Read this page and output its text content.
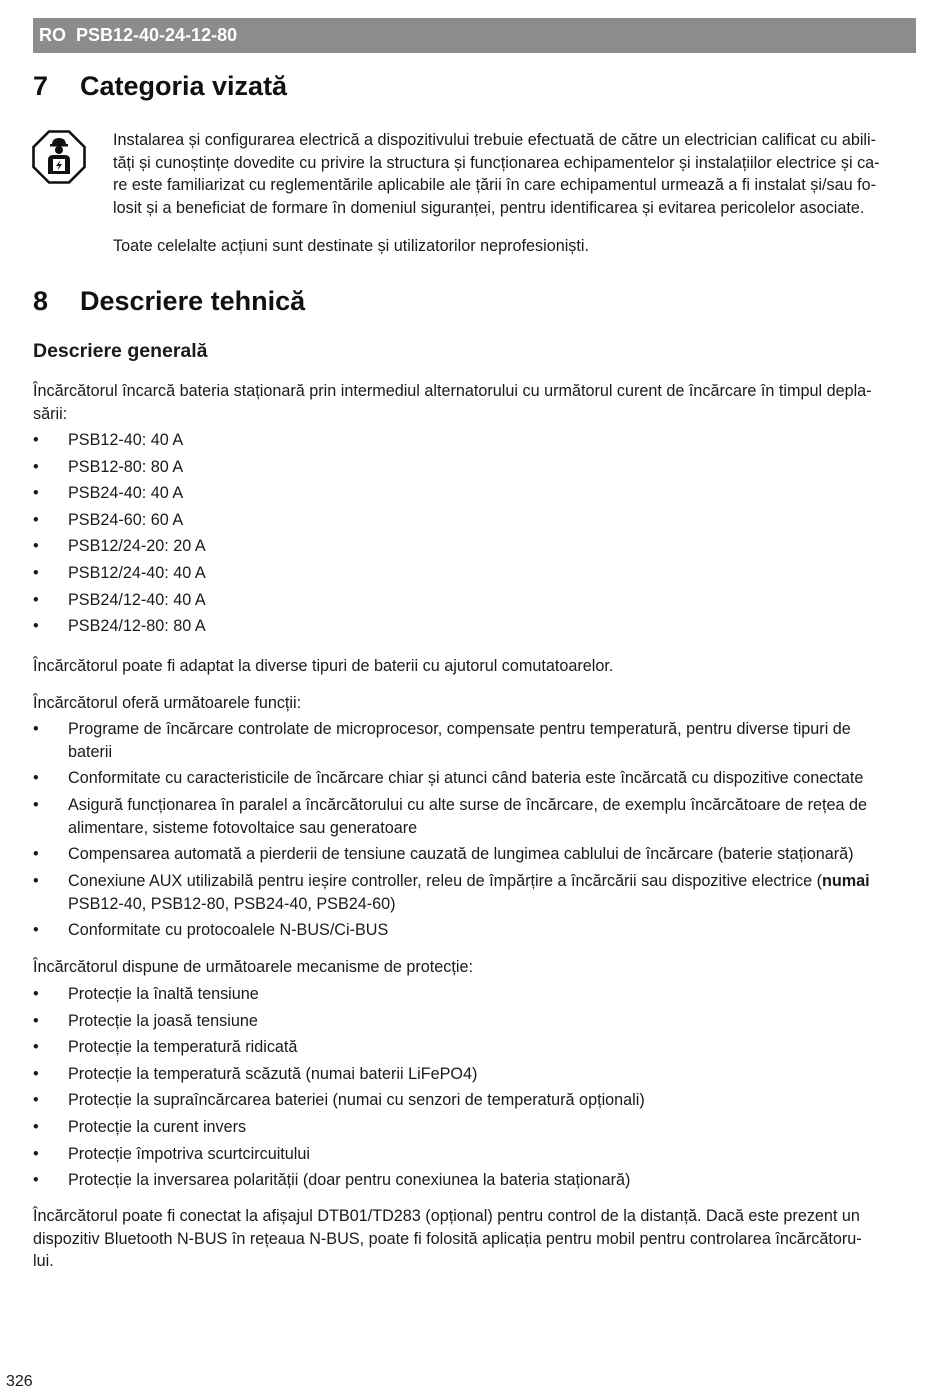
RO PSB12-40-24-12-80
7 Categoria vizată
Instalarea și configurarea electrică a dispozitivului trebuie efectuată de către un electrician calificat cu abili-
tăți și cunoștințe dovedite cu privire la structura și funcționarea echipamentelor și instalațiilor electrice și ca-
re este familiarizat cu reglementările aplicabile ale țării în care echipamentul urmează a fi instalat și/sau fo-
losit și a beneficiat de formare în domeniul siguranței, pentru identificarea și evitarea pericolelor asociate.
Toate celelalte acțiuni sunt destinate și utilizatorilor neprofesioniști.
8 Descriere tehnică
Descriere generală
Încărcătorul încarcă bateria staționară prin intermediul alternatorului cu următorul curent de încărcare în timpul depla-
sării:
• PSB12-40: 40 A
• PSB12-80: 80 A
• PSB24-40: 40 A
• PSB24-60: 60 A
• PSB12/24-20: 20 A
• PSB12/24-40: 40 A
• PSB24/12-40: 40 A
• PSB24/12-80: 80 A
Încărcătorul poate fi adaptat la diverse tipuri de baterii cu ajutorul comutatoarelor.
Încărcătorul oferă următoarele funcții:
• Programe de încărcare controlate de microprocesor, compensate pentru temperatură, pentru diverse tipuri de
baterii
• Conformitate cu caracteristicile de încărcare chiar și atunci când bateria este încărcată cu dispozitive conectate
• Asigură funcționarea în paralel a încărcătorului cu alte surse de încărcare, de exemplu încărcătoare de rețea de
alimentare, sisteme fotovoltaice sau generatoare
• Compensarea automată a pierderii de tensiune cauzată de lungimea cablului de încărcare (baterie staționară)
• Conexiune AUX utilizabilă pentru ieșire controller, releu de împărțire a încărcării sau dispozitive electrice (numai
PSB12-40, PSB12-80, PSB24-40, PSB24-60)
• Conformitate cu protocoalele N-BUS/Ci-BUS
Încărcătorul dispune de următoarele mecanisme de protecție:
• Protecție la înaltă tensiune
• Protecție la joasă tensiune
• Protecție la temperatură ridicată
• Protecție la temperatură scăzută (numai baterii LiFePO4)
• Protecție la supraîncărcarea bateriei (numai cu senzori de temperatură opționali)
• Protecție la curent invers
• Protecție împotriva scurtcircuitului
• Protecție la inversarea polarității (doar pentru conexiunea la bateria staționară)
Încărcătorul poate fi conectat la afișajul DTB01/TD283 (opțional) pentru control de la distanță. Dacă este prezent un
dispozitiv Bluetooth N-BUS în rețeaua N-BUS, poate fi folosită aplicația pentru mobil pentru controlarea încărcătoru-
lui.
326
